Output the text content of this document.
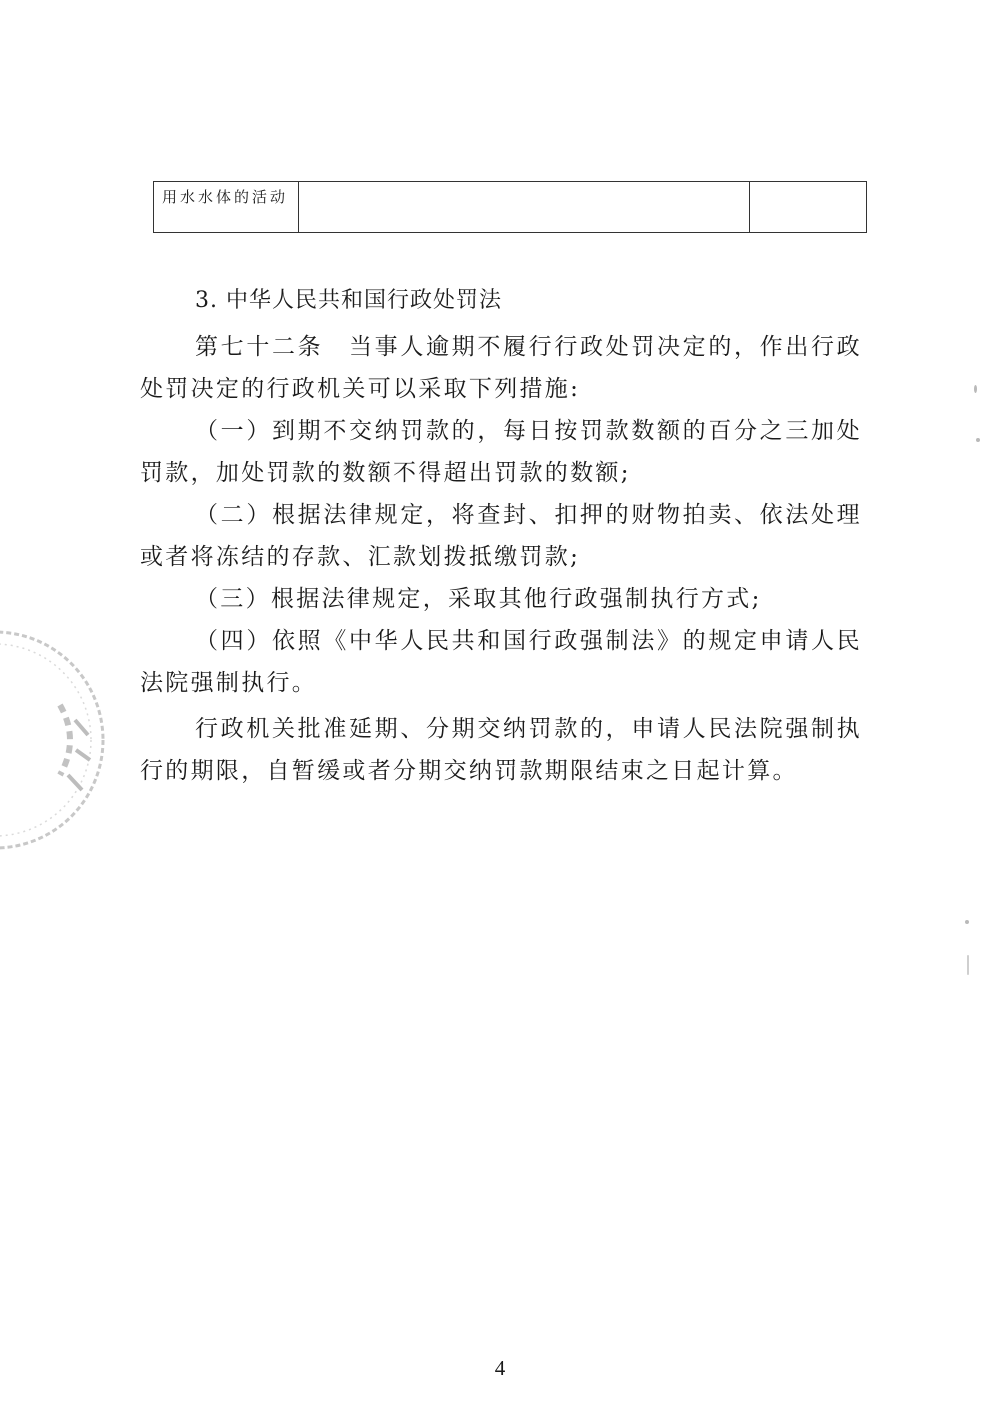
用水水体的活动		

3. 中华人民共和国行政处罚法

第七十二条　当事人逾期不履行行政处罚决定的，作出行政处罚决定的行政机关可以采取下列措施:

（一）到期不交纳罚款的，每日按罚款数额的百分之三加处罚款，加处罚款的数额不得超出罚款的数额;

（二）根据法律规定，将查封、扣押的财物拍卖、依法处理或者将冻结的存款、汇款划拨抵缴罚款;

（三）根据法律规定，采取其他行政强制执行方式;

（四）依照《中华人民共和国行政强制法》的规定申请人民法院强制执行。

行政机关批准延期、分期交纳罚款的，申请人民法院强制执行的期限，自暂缓或者分期交纳罚款期限结束之日起计算。

4
